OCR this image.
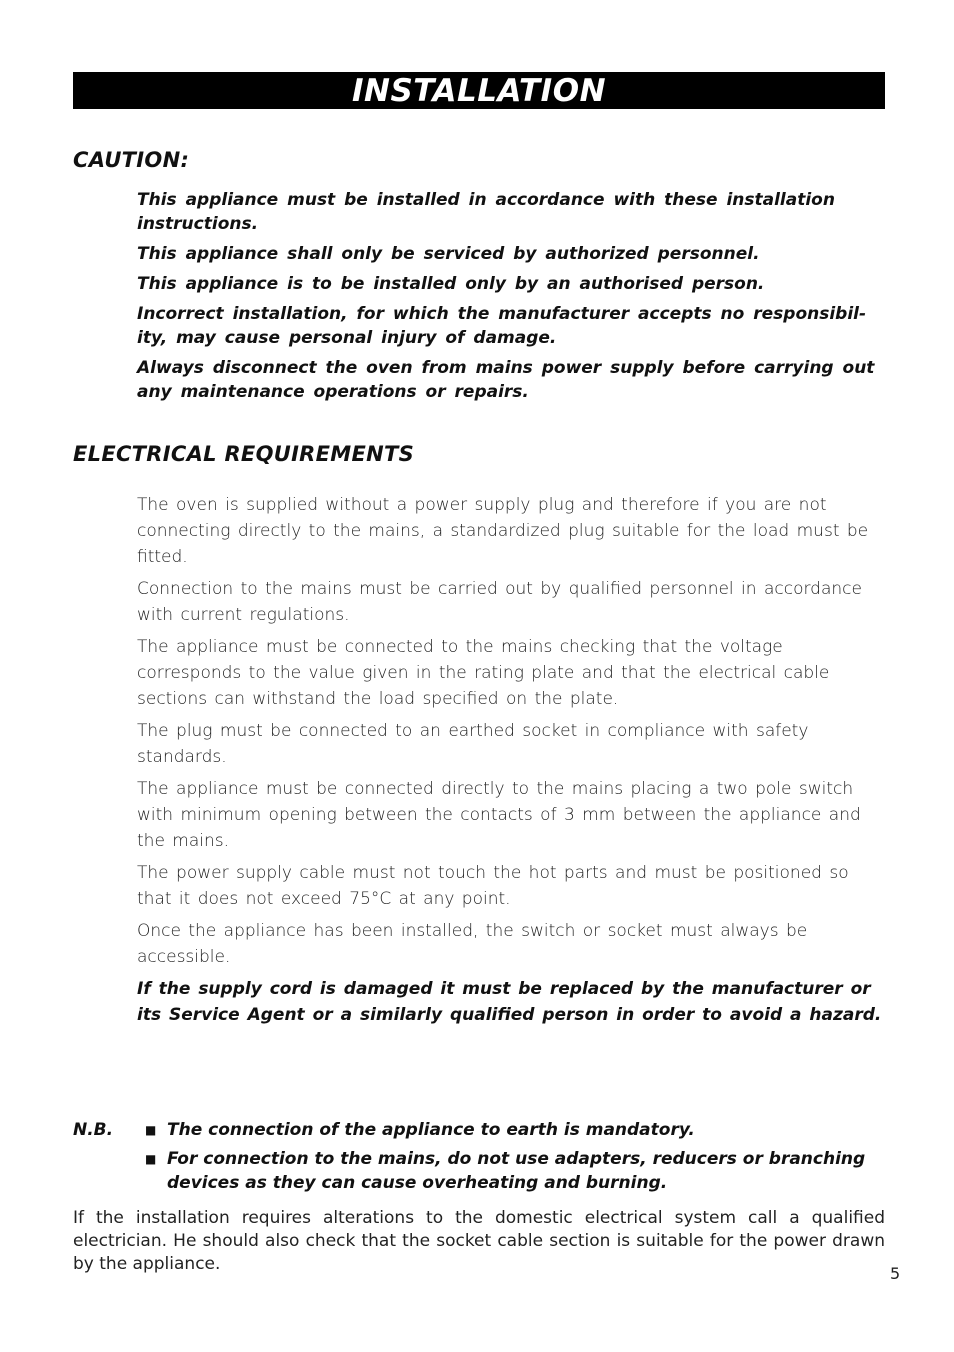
INSTALLATION
CAUTION:

This appliance must be installed in accordance with these installation instructions.

This appliance shall only be serviced by authorized personnel.

This appliance is to be installed only by an authorised person.

Incorrect installation, for which the manufacturer accepts no responsibil-ity, may cause personal injury of damage.

Always disconnect the oven from mains power supply before carrying out any maintenance operations or repairs.

ELECTRICAL REQUIREMENTS

The oven is supplied without a power supply plug and therefore if you are not connecting directly to the mains, a standardized plug suitable for the load must be fitted.

Connection to the mains must be carried out by qualified personnel in accordance with current regulations.

The appliance must be connected to the mains checking that the voltage corresponds to the value given in the rating plate and that the electrical cable sections can withstand the load specified on the plate.

The plug must be connected to an earthed socket in compliance with safety standards.

The appliance must be connected directly to the mains placing a two pole switch with minimum opening between the contacts of 3 mm between the appliance and the mains.

The power supply cable must not touch the hot parts and must be positioned so that it does not exceed 75°C at any point.

Once the appliance has been installed, the switch or socket must always be accessible.

If the supply cord is damaged it must be replaced by the manufacturer or its Service Agent or a similarly qualified person in order to avoid a hazard.

N.B.	■ The connection of the appliance to earth is mandatory.
■ For connection to the mains, do not use adapters, reducers or branching devices as they can cause overheating and burning.

If the installation requires alterations to the domestic electrical system call a qualified electrician. He should also check that the socket cable section is suitable for the power drawn by the appliance.	5
